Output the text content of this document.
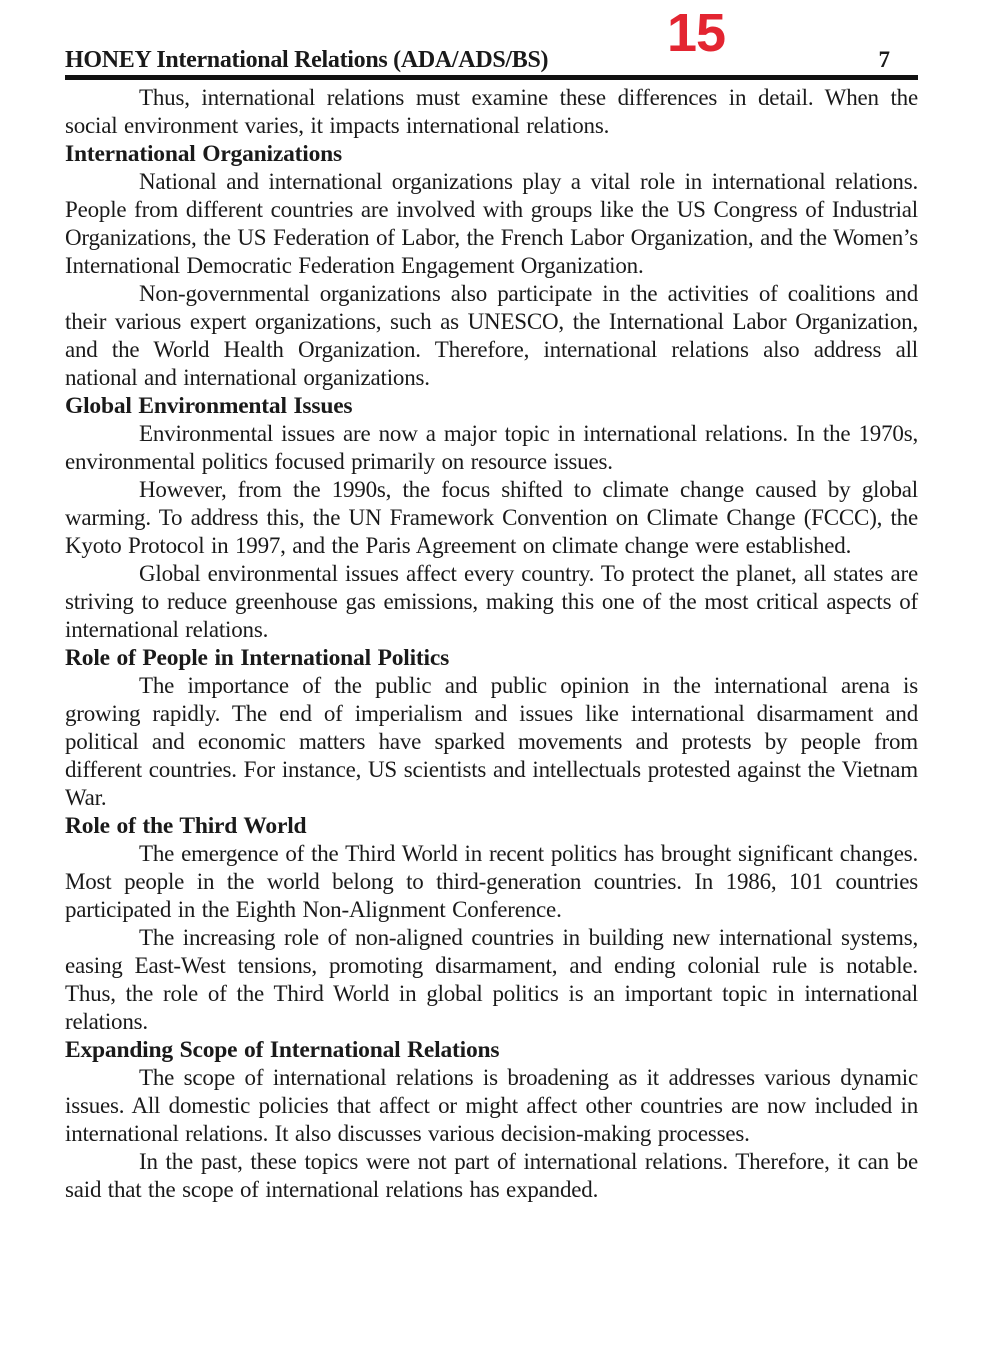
15
HONEY International Relations (ADA/ADS/BS)	7

Thus, international relations must examine these differences in detail. When the social environment varies, it impacts international relations.

International Organizations

National and international organizations play a vital role in international relations. People from different countries are involved with groups like the US Congress of Industrial Organizations, the US Federation of Labor, the French Labor Organization, and the Women’s International Democratic Federation Engagement Organization.

Non-governmental organizations also participate in the activities of coalitions and their various expert organizations, such as UNESCO, the International Labor Organization, and the World Health Organization. Therefore, international relations also address all national and international organizations.

Global Environmental Issues

Environmental issues are now a major topic in international relations. In the 1970s, environmental politics focused primarily on resource issues.

However, from the 1990s, the focus shifted to climate change caused by global warming. To address this, the UN Framework Convention on Climate Change (FCCC), the Kyoto Protocol in 1997, and the Paris Agreement on climate change were established.

Global environmental issues affect every country. To protect the planet, all states are striving to reduce greenhouse gas emissions, making this one of the most critical aspects of international relations.

Role of People in International Politics

The importance of the public and public opinion in the international arena is growing rapidly. The end of imperialism and issues like international disarmament and political and economic matters have sparked movements and protests by people from different countries. For instance, US scientists and intellectuals protested against the Vietnam War.

Role of the Third World

The emergence of the Third World in recent politics has brought significant changes. Most people in the world belong to third-generation countries. In 1986, 101 countries participated in the Eighth Non-Alignment Conference.

The increasing role of non-aligned countries in building new international systems, easing East-West tensions, promoting disarmament, and ending colonial rule is notable. Thus, the role of the Third World in global politics is an important topic in international relations.

Expanding Scope of International Relations

The scope of international relations is broadening as it addresses various dynamic issues. All domestic policies that affect or might affect other countries are now included in international relations. It also discusses various decision-making processes.

In the past, these topics were not part of international relations. Therefore, it can be said that the scope of international relations has expanded.
